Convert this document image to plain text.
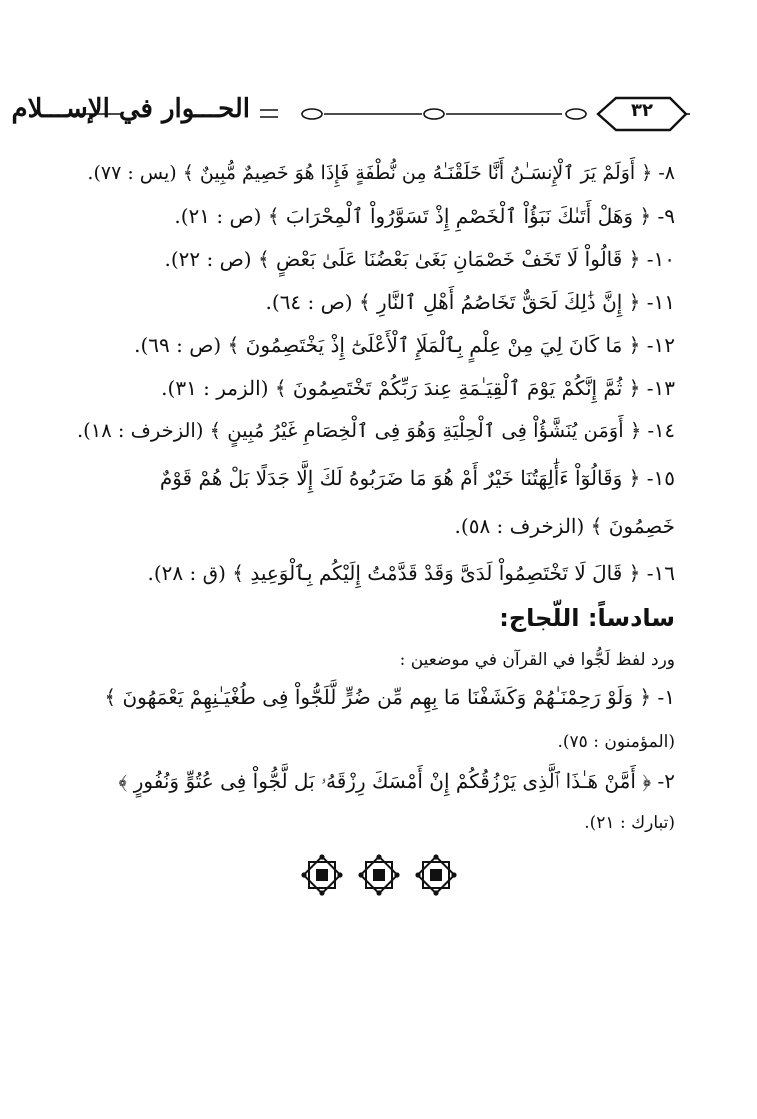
الحـــوار في الإســـلام	٣٢
٨- ﴿ أَوَلَمْ يَرَ ٱلْإِنسَـٰنُ أَنَّا خَلَقْنَـٰهُ مِن نُّطْفَةٍ فَإِذَا هُوَ خَصِيمٌ مُّبِينٌ ﴾ (يس : ٧٧).
٩- ﴿ وَهَلْ أَتَىٰكَ نَبَؤُاْ ٱلْخَصْمِ إِذْ تَسَوَّرُواْ ٱلْمِحْرَابَ ﴾ (ص : ٢١).
١٠- ﴿ قَالُواْ لَا تَخَفْ خَصْمَانِ بَغَىٰ بَعْضُنَا عَلَىٰ بَعْضٍ ﴾ (ص : ٢٢).
١١- ﴿ إِنَّ ذَٰلِكَ لَحَقٌّ تَخَاصُمُ أَهْلِ ٱلنَّارِ ﴾ (ص : ٦٤).
١٢- ﴿ مَا كَانَ لِيَ مِنْ عِلْمٍ بِٱلْمَلَإِ ٱلْأَعْلَىٰٓ إِذْ يَخْتَصِمُونَ ﴾ (ص : ٦٩).
١٣- ﴿ ثُمَّ إِنَّكُمْ يَوْمَ ٱلْقِيَـٰمَةِ عِندَ رَبِّكُمْ تَخْتَصِمُونَ ﴾ (الزمر : ٣١).
١٤- ﴿ أَوَمَن يُنَشَّؤُاْ فِى ٱلْحِلْيَةِ وَهُوَ فِى ٱلْخِصَامِ غَيْرُ مُبِينٍ ﴾ (الزخرف : ١٨).
١٥- ﴿ وَقَالُوٓاْ ءَأَٰلِهَتُنَا خَيْرٌ أَمْ هُوَ مَا ضَرَبُوهُ لَكَ إِلَّا جَدَلًا بَلْ هُمْ قَوْمٌ
خَصِمُونَ ﴾ (الزخرف : ٥٨).
١٦- ﴿ قَالَ لَا تَخْتَصِمُواْ لَدَىَّ وَقَدْ قَدَّمْتُ إِلَيْكُم بِٱلْوَعِيدِ ﴾ (ق : ٢٨).
سادساً: اللّجاج:
ورد لفظ لَجُّوا في القرآن في موضعين :
١- ﴿ وَلَوْ رَحِمْنَـٰهُمْ وَكَشَفْنَا مَا بِهِم مِّن ضُرٍّ لَّلَجُّواْ فِى طُغْيَـٰنِهِمْ يَعْمَهُونَ ﴾
(المؤمنون : ٧٥).
٢- ﴿ أَمَّنْ هَـٰذَا ٱلَّذِى يَرْزُقُكُمْ إِنْ أَمْسَكَ رِزْقَهُۥ بَل لَّجُّواْ فِى عُتُوٍّ وَنُفُورٍ ﴾
(تبارك : ٢١).
